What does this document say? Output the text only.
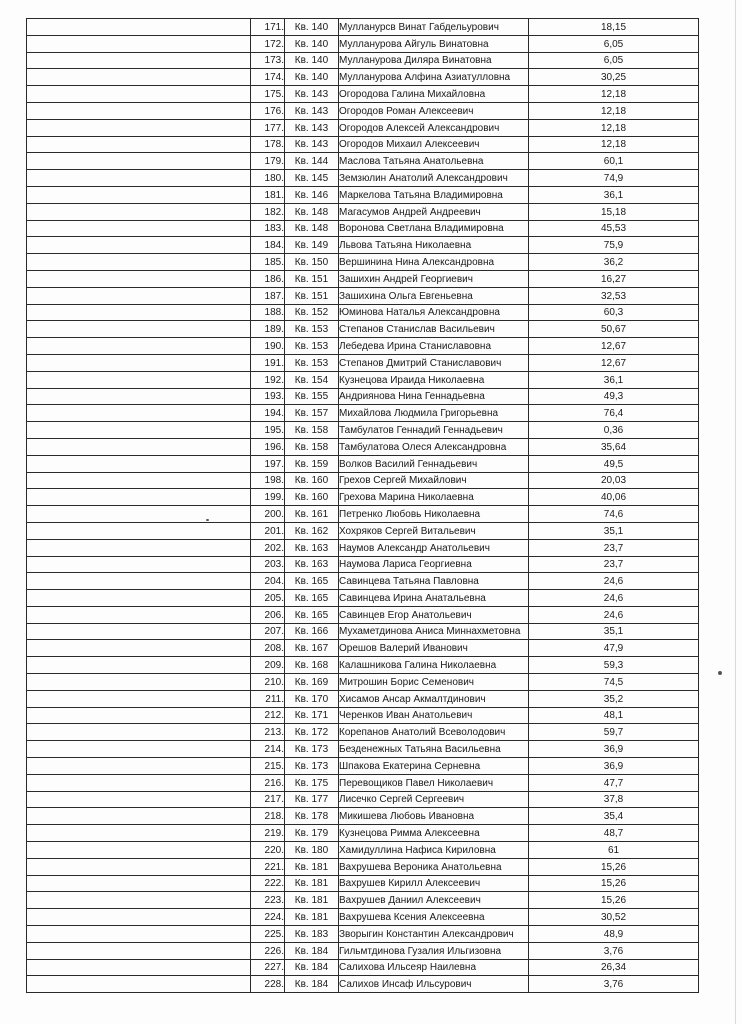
	171.	Кв. 140	Мулланурсв Винат Габдельурович	18,15
	172.	Кв. 140	Мулланурова Айгуль Винатовна	6,05
	173.	Кв. 140	Мулланурова Диляра Винатовна	6,05
	174.	Кв. 140	Мулланурова Алфина Азиатулловна	30,25
	175.	Кв. 143	Огородова Галина Михайловна	12,18
	176.	Кв. 143	Огородов Роман Алексеевич	12,18
	177.	Кв. 143	Огородов Алексей Александрович	12,18
	178.	Кв. 143	Огородов Михаил Алексеевич	12,18
	179.	Кв. 144	Маслова Татьяна Анатольевна	60,1
	180.	Кв. 145	Земзюлин Анатолий Александрович	74,9
	181.	Кв. 146	Маркелова Татьяна Владимировна	36,1
	182.	Кв. 148	Магасумов Андрей Андреевич	15,18
	183.	Кв. 148	Воронова Светлана Владимировна	45,53
	184.	Кв. 149	Львова Татьяна Николаевна	75,9
	185.	Кв. 150	Вершинина Нина Александровна	36,2
	186.	Кв. 151	Зашихин Андрей Георгиевич	16,27
	187.	Кв. 151	Зашихина Ольга Евгеньевна	32,53
	188.	Кв. 152	Юминова Наталья Александровна	60,3
	189.	Кв. 153	Степанов Станислав Васильевич	50,67
	190.	Кв. 153	Лебедева Ирина Станиславовна	12,67
	191.	Кв. 153	Степанов Дмитрий Станиславович	12,67
	192.	Кв. 154	Кузнецова Ираида Николаевна	36,1
	193.	Кв. 155	Андриянова Нина Геннадьевна	49,3
	194.	Кв. 157	Михайлова Людмила Григорьевна	76,4
	195.	Кв. 158	Тамбулатов Геннадий Геннадьевич	0,36
	196.	Кв. 158	Тамбулатова Олеся Александровна	35,64
	197.	Кв. 159	Волков Василий Геннадьевич	49,5
	198.	Кв. 160	Грехов Сергей Михайлович	20,03
	199.	Кв. 160	Грехова Марина Николаевна	40,06
	200.	Кв. 161	Петренко Любовь Николаевна	74,6
	201.	Кв. 162	Хохряков Сергей Витальевич	35,1
	202.	Кв. 163	Наумов Александр Анатольевич	23,7
	203.	Кв. 163	Наумова Лариса Георгиевна	23,7
	204.	Кв. 165	Савинцева Татьяна Павловна	24,6
	205.	Кв. 165	Савинцева Ирина Анатальевна	24,6
	206.	Кв. 165	Савинцев Егор Анатольевич	24,6
	207.	Кв. 166	Мухаметдинова Аниса Миннахметовна	35,1
	208.	Кв. 167	Орешов Валерий Иванович	47,9
	209.	Кв. 168	Калашникова Галина Николаевна	59,3
	210.	Кв. 169	Митрошин Борис Семенович	74,5
	211.	Кв. 170	Хисамов Ансар Акмалтдинович	35,2
	212.	Кв. 171	Черенков Иван Анатольевич	48,1
	213.	Кв. 172	Корепанов Анатолий Всеволодович	59,7
	214.	Кв. 173	Безденежных Татьяна Васильевна	36,9
	215.	Кв. 173	Шпакова Екатерина Серневна	36,9
	216.	Кв. 175	Перевощиков Павел Николаевич	47,7
	217.	Кв. 177	Лисечко Сергей Сергеевич	37,8
	218.	Кв. 178	Микишева Любовь Ивановна	35,4
	219.	Кв. 179	Кузнецова Римма Алексеевна	48,7
	220.	Кв. 180	Хамидуллина Нафиса Кириловна	61
	221.	Кв. 181	Вахрушева Вероника Анатольевна	15,26
	222.	Кв. 181	Вахрушев Кирилл Алексеевич	15,26
	223.	Кв. 181	Вахрушев Даниил Алексеевич	15,26
	224.	Кв. 181	Вахрушева Ксения Алексеевна	30,52
	225.	Кв. 183	Зворыгин Константин Александрович	48,9
	226.	Кв. 184	Гильмтдинова Гузалия Ильгизовна	3,76
	227.	Кв. 184	Салихова Ильсеяр Наилевна	26,34
	228.	Кв. 184	Салихов Инсаф Ильсурович	3,76
